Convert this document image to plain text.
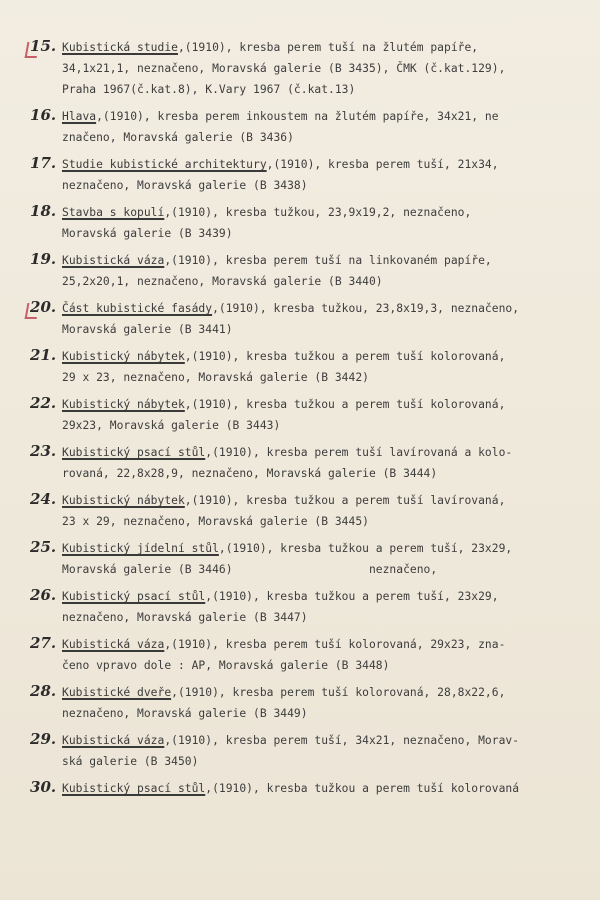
15. Kubistická studie ,(1910), kresba perem tuší na žlutém papíře,
34,1x21,1, neznačeno, Moravská galerie (B 3435), ČMK (č.kat.129),
Praha 1967(č.kat.8), K.Vary 1967 (č.kat.13)
16. Hlava ,(1910), kresba perem inkoustem na žlutém papíře, 34x21, ne
značeno, Moravská galerie (B 3436)
17. Studie kubistické architektury ,(1910), kresba perem tuší, 21x34,
neznačeno, Moravská galerie (B 3438)
18. Stavba s kopulí ,(1910), kresba tužkou, 23,9x19,2, neznačeno,
Moravská galerie (B 3439)
19. Kubistická váza ,(1910), kresba perem tuší na linkovaném papíře,
25,2x20,1, neznačeno, Moravská galerie (B 3440)
20. Část kubistické fasády ,(1910), kresba tužkou, 23,8x19,3, neznačeno,
Moravská galerie (B 3441)
21. Kubistický nábytek ,(1910), kresba tužkou a perem tuší kolorovaná,
29 x 23, neznačeno, Moravská galerie (B 3442)
22. Kubistický nábytek ,(1910), kresba tužkou a perem tuší kolorovaná,
29x23, Moravská galerie (B 3443)
23. Kubistický psací stůl ,(1910), kresba perem tuší lavírovaná a kolo-
rovaná, 22,8x28,9, neznačeno, Moravská galerie (B 3444)
24. Kubistický nábytek ,(1910), kresba tužkou a perem tuší lavírovaná,
23 x 29, neznačeno, Moravská galerie (B 3445)
25. Kubistický jídelní stůl ,(1910), kresba tužkou a perem tuší, 23x29,
Moravská galerie (B 3446)                    neznačeno,
26. Kubistický psací stůl ,(1910), kresba tužkou a perem tuší, 23x29,
neznačeno, Moravská galerie (B 3447)
27. Kubistická váza ,(1910), kresba perem tuší kolorovaná, 29x23, zna-
čeno vpravo dole : AP, Moravská galerie (B 3448)
28. Kubistické dveře ,(1910), kresba perem tuší kolorovaná, 28,8x22,6,
neznačeno, Moravská galerie (B 3449)
29. Kubistická váza ,(1910), kresba perem tuší, 34x21, neznačeno, Morav-
ská galerie (B 3450)
30. Kubistický psací stůl ,(1910), kresba tužkou a perem tuší kolorovaná
